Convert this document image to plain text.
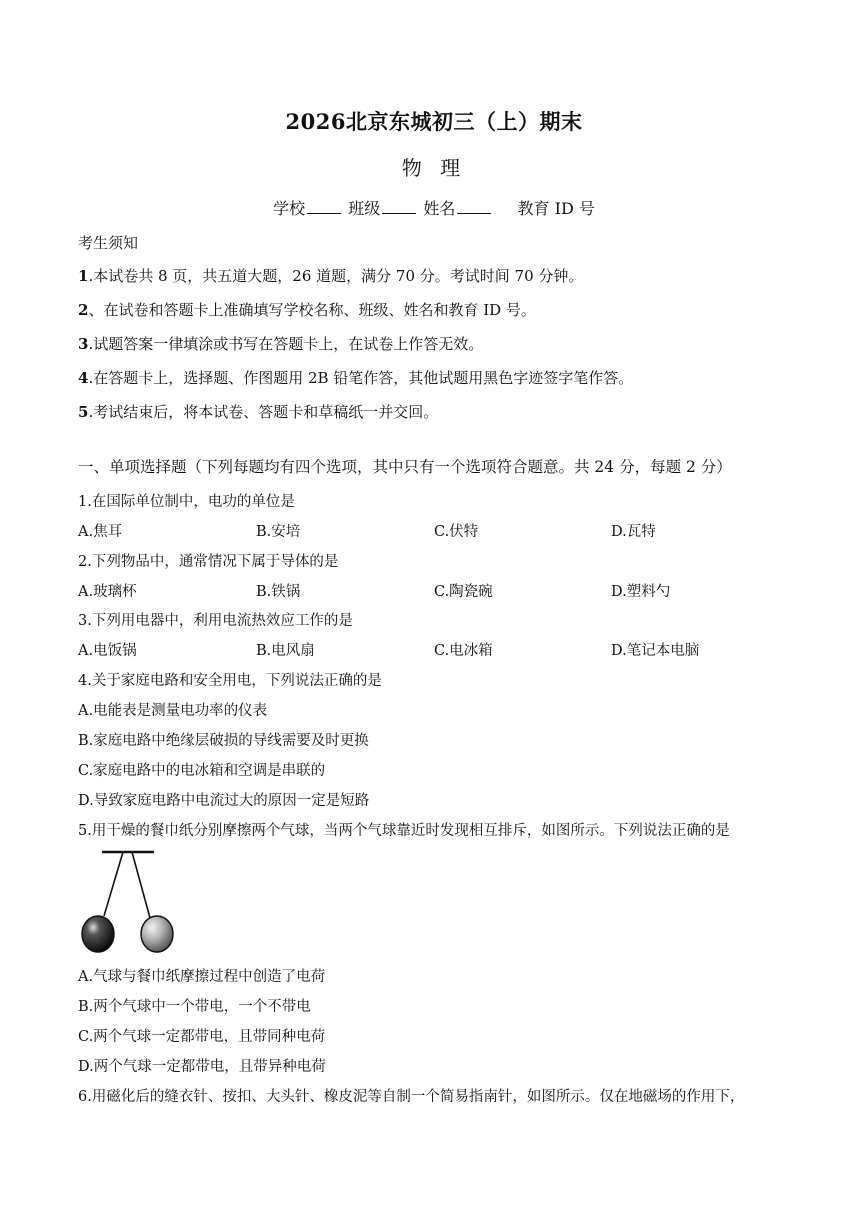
2026北京东城初三（上）期末
物 理
学校	班级	姓名	教育 ID 号
考生须知
1.本试卷共 8 页，共五道大题，26 道题，满分 70 分。考试时间 70 分钟。
2、在试卷和答题卡上准确填写学校名称、班级、姓名和教育 ID 号。
3.试题答案一律填涂或书写在答题卡上，在试卷上作答无效。
4.在答题卡上，选择题、作图题用 2B 铅笔作答，其他试题用黑色字迹签字笔作答。
5.考试结束后，将本试卷、答题卡和草稿纸一并交回。
一、单项选择题（下列每题均有四个选项，其中只有一个选项符合题意。共 24 分，每题 2 分）
1.在国际单位制中，电功的单位是
A.焦耳	B.安培	C.伏特	D.瓦特
2.下列物品中，通常情况下属于导体的是
A.玻璃杯	B.铁锅	C.陶瓷碗	D.塑料勺
3.下列用电器中，利用电流热效应工作的是
A.电饭锅	B.电风扇	C.电冰箱	D.笔记本电脑
4.关于家庭电路和安全用电，下列说法正确的是
A.电能表是测量电功率的仪表
B.家庭电路中绝缘层破损的导线需要及时更换
C.家庭电路中的电冰箱和空调是串联的
D.导致家庭电路中电流过大的原因一定是短路
5.用干燥的餐巾纸分别摩擦两个气球，当两个气球靠近时发现相互排斥，如图所示。下列说法正确的是
A.气球与餐巾纸摩擦过程中创造了电荷
B.两个气球中一个带电，一个不带电
C.两个气球一定都带电，且带同种电荷
D.两个气球一定都带电，且带异种电荷
6.用磁化后的缝衣针、按扣、大头针、橡皮泥等自制一个简易指南针，如图所示。仅在地磁场的作用下，
